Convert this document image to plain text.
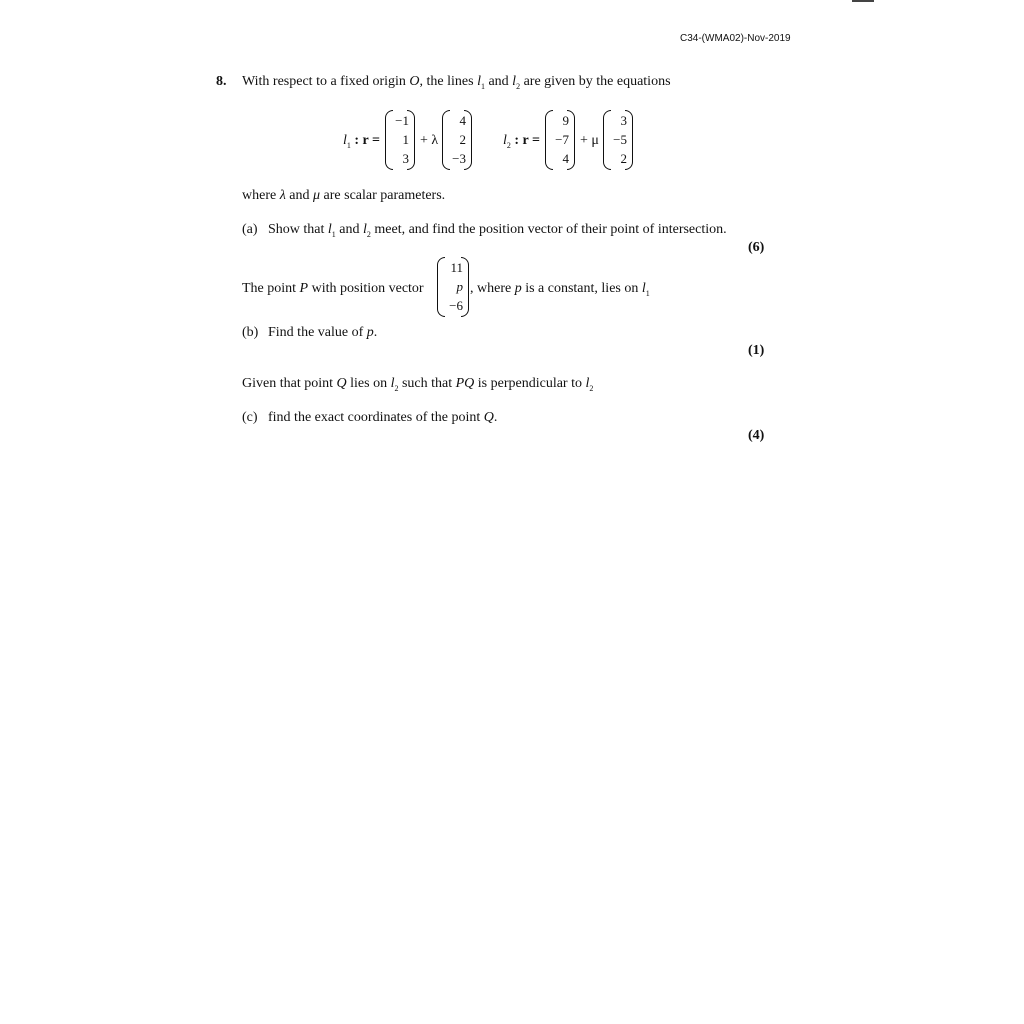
C34-(WMA02)-Nov-2019
8. With respect to a fixed origin O, the lines $l_1$ and $l_2$ are given by the equations
$l_1$ : r =
−1
1
3
+ λ
4
2
−3
$l_2$ : r =
9
−7
4
+ μ
3
−5
2
where λ and μ are scalar parameters.
(a) Show that $l_1$ and $l_2$ meet, and find the position vector of their point of intersection.
(6)
The point P with position vector
11
p
−6
, where p is a constant, lies on $l_1$
(b) Find the value of p.
(1)
Given that point Q lies on $l_2$ such that PQ is perpendicular to $l_2$
(c) find the exact coordinates of the point Q.
(4)
